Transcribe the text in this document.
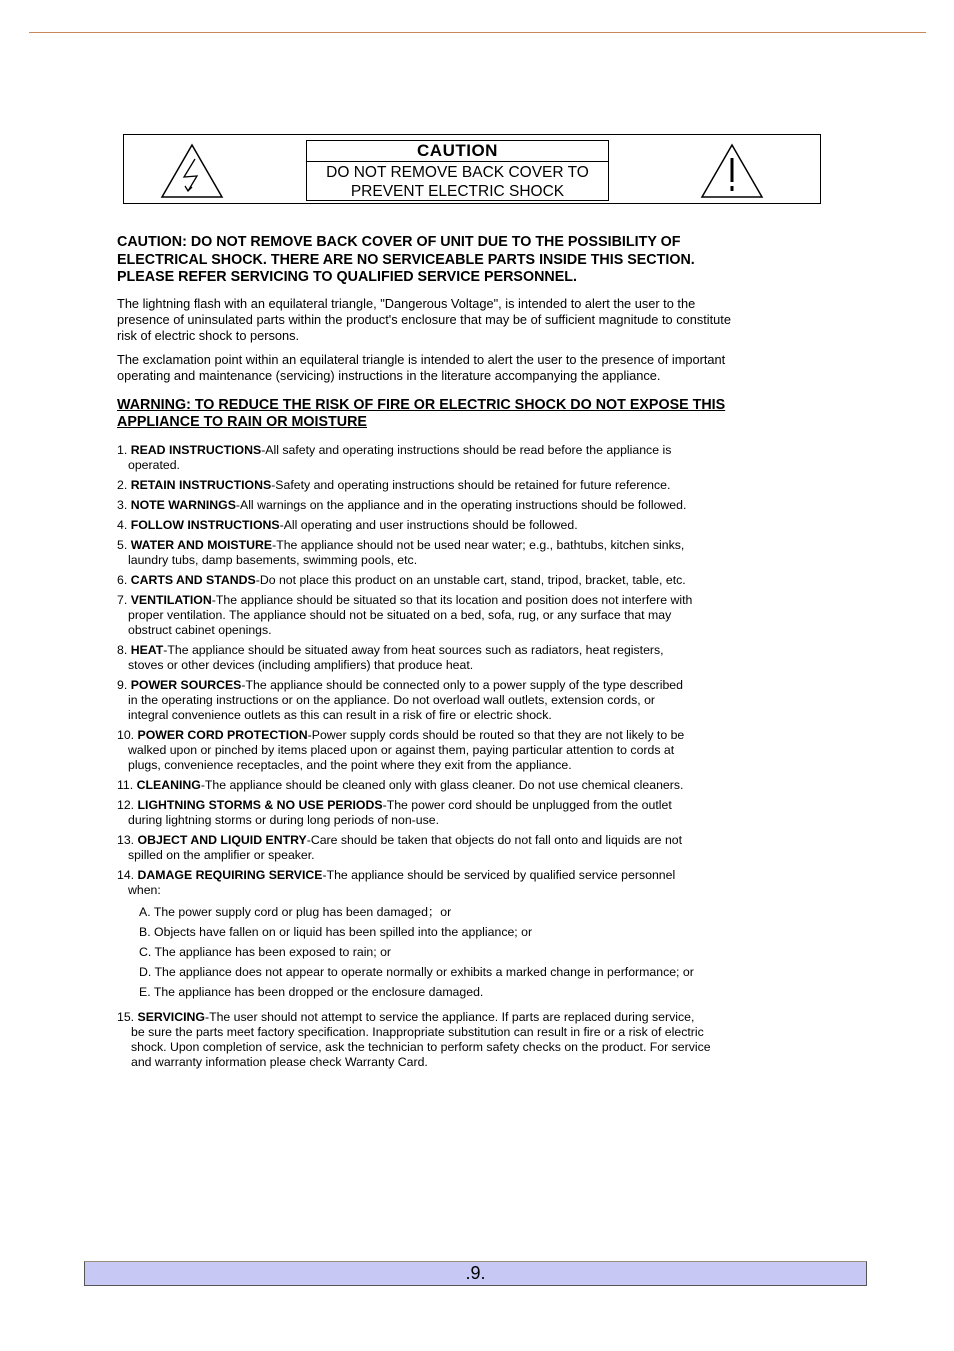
CAUTION
DO NOT REMOVE BACK COVER TO
PREVENT ELECTRIC SHOCK
CAUTION: DO NOT REMOVE BACK COVER OF UNIT DUE TO THE POSSIBILITY OF
ELECTRICAL SHOCK. THERE ARE NO SERVICEABLE PARTS INSIDE THIS SECTION.
PLEASE REFER SERVICING TO QUALIFIED SERVICE PERSONNEL.
The lightning flash with an equilateral triangle, "Dangerous Voltage", is intended to alert the user to the
presence of uninsulated parts within the product's enclosure that may be of sufficient magnitude to constitute
risk of electric shock to persons.
The exclamation point within an equilateral triangle is intended to alert the user to the presence of important
operating and maintenance (servicing) instructions in the literature accompanying the appliance.
WARNING: TO REDUCE THE RISK OF FIRE OR ELECTRIC SHOCK DO NOT EXPOSE THIS
APPLIANCE TO RAIN OR MOISTURE
1. READ INSTRUCTIONS-All safety and operating instructions should be read before the appliance is
operated.
2. RETAIN INSTRUCTIONS-Safety and operating instructions should be retained for future reference.
3. NOTE WARNINGS-All warnings on the appliance and in the operating instructions should be followed.
4. FOLLOW INSTRUCTIONS-All operating and user instructions should be followed.
5. WATER AND MOISTURE-The appliance should not be used near water; e.g., bathtubs, kitchen sinks,
laundry tubs, damp basements, swimming pools, etc.
6. CARTS AND STANDS-Do not place this product on an unstable cart, stand, tripod, bracket, table, etc.
7. VENTILATION-The appliance should be situated so that its location and position does not interfere with
proper ventilation. The appliance should not be situated on a bed, sofa, rug, or any surface that may
obstruct cabinet openings.
8. HEAT-The appliance should be situated away from heat sources such as radiators, heat registers,
stoves or other devices (including amplifiers) that produce heat.
9. POWER SOURCES-The appliance should be connected only to a power supply of the type described
in the operating instructions or on the appliance. Do not overload wall outlets, extension cords, or
integral convenience outlets as this can result in a risk of fire or electric shock.
10. POWER CORD PROTECTION-Power supply cords should be routed so that they are not likely to be
walked upon or pinched by items placed upon or against them, paying particular attention to cords at
plugs, convenience receptacles, and the point where they exit from the appliance.
11. CLEANING-The appliance should be cleaned only with glass cleaner. Do not use chemical cleaners.
12. LIGHTNING STORMS & NO USE PERIODS-The power cord should be unplugged from the outlet
during lightning storms or during long periods of non-use.
13. OBJECT AND LIQUID ENTRY-Care should be taken that objects do not fall onto and liquids are not
spilled on the amplifier or speaker.
14. DAMAGE REQUIRING SERVICE-The appliance should be serviced by qualified service personnel
when:
A. The power supply cord or plug has been damaged；or
B. Objects have fallen on or liquid has been spilled into the appliance; or
C. The appliance has been exposed to rain; or
D. The appliance does not appear to operate normally or exhibits a marked change in performance; or
E. The appliance has been dropped or the enclosure damaged.
15. SERVICING-The user should not attempt to service the appliance. If parts are replaced during service,
be sure the parts meet factory specification. Inappropriate substitution can result in fire or a risk of electric
shock. Upon completion of service, ask the technician to perform safety checks on the product. For service
and warranty information please check Warranty Card.
.9.
